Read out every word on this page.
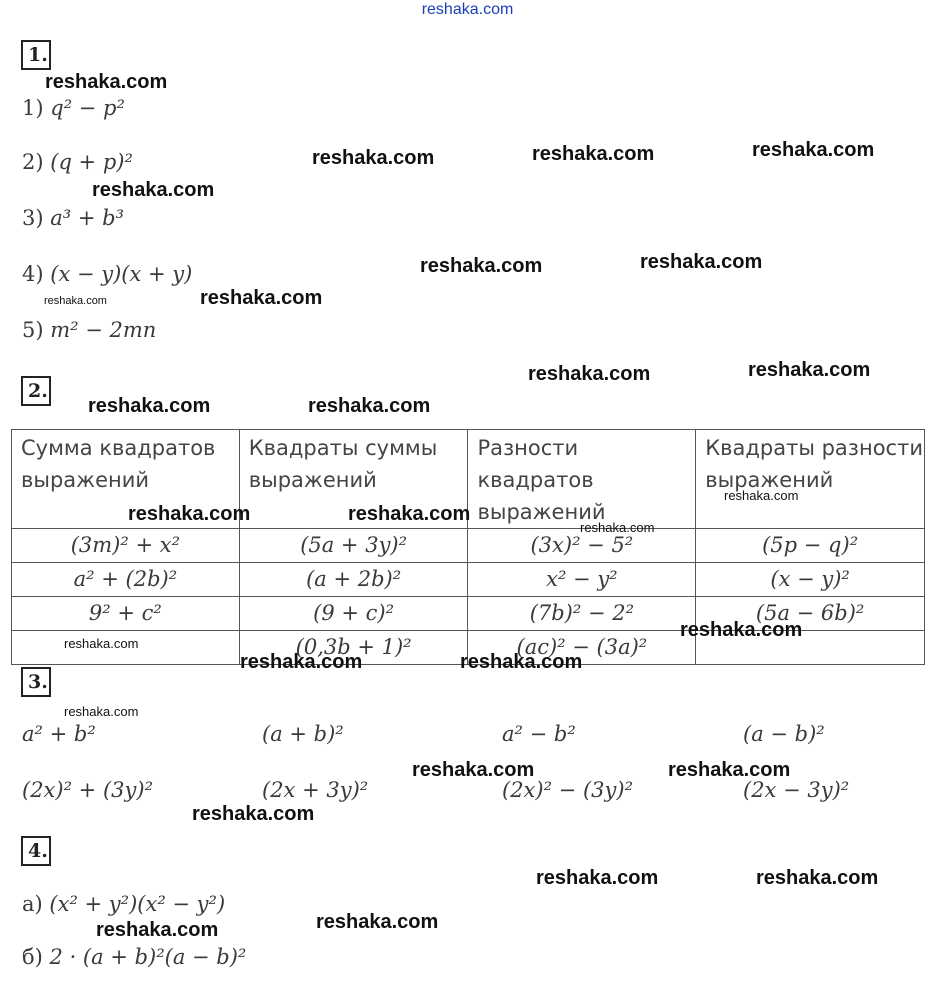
reshaka.com
1 .
1) q² − p²
2) (q + p)²
3) a³ + b³
4) (x − y)(x + y)
5) m² − 2mn
2 .
Сумма квадратов выражений	Квадраты суммы выражений	Разности квадратов выражений	Квадраты разности выражений
(3m)² + x²	(5a + 3y)²	(3x)² − 5²	(5p − q)²
a² + (2b)²	(a + 2b)²	x² − y²	(x − y)²
9² + c²	(9 + c)²	(7b)² − 2²	(5a − 6b)²
	(0,3b + 1)²	(ac)² − (3a)²	
3 .
a² + b²	(a + b)²	a² − b²	(a − b)²
(2x)² + (3y)²	(2x + 3y)²	(2x)² − (3y)²	(2x − 3y)²
4 .
а) (x² + y²)(x² − y²)
б) 2 · (a + b)²(a − b)²
reshaka.com
reshaka.com	reshaka.com	reshaka.com
reshaka.com
reshaka.com	reshaka.com
reshaka.com	reshaka.com
reshaka.com	reshaka.com
reshaka.com	reshaka.com
reshaka.com
reshaka.com	reshaka.com
reshaka.com
reshaka.com
reshaka.com
reshaka.com	reshaka.com
reshaka.com
reshaka.com	reshaka.com
reshaka.com
reshaka.com	reshaka.com
reshaka.com
reshaka.com
